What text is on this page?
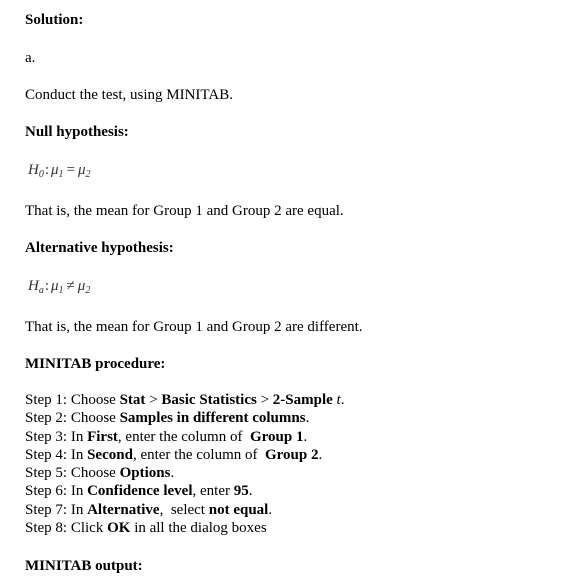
Solution:
a.
Conduct the test, using MINITAB.
Null hypothesis:
$H_0$: $\mu_1 = \mu_2$
That is, the mean for Group 1 and Group 2 are equal.
Alternative hypothesis:
$H_a$: $\mu_1 \ne \mu_2$
That is, the mean for Group 1 and Group 2 are different.
MINITAB procedure:
Step 1: Choose Stat > Basic Statistics > 2-Sample t.
Step 2: Choose Samples in different columns.
Step 3: In First, enter the column of  Group 1.
Step 4: In Second, enter the column of  Group 2.
Step 5: Choose Options.
Step 6: In Confidence level, enter 95.
Step 7: In Alternative,  select not equal.
Step 8: Click OK in all the dialog boxes
MINITAB output:
